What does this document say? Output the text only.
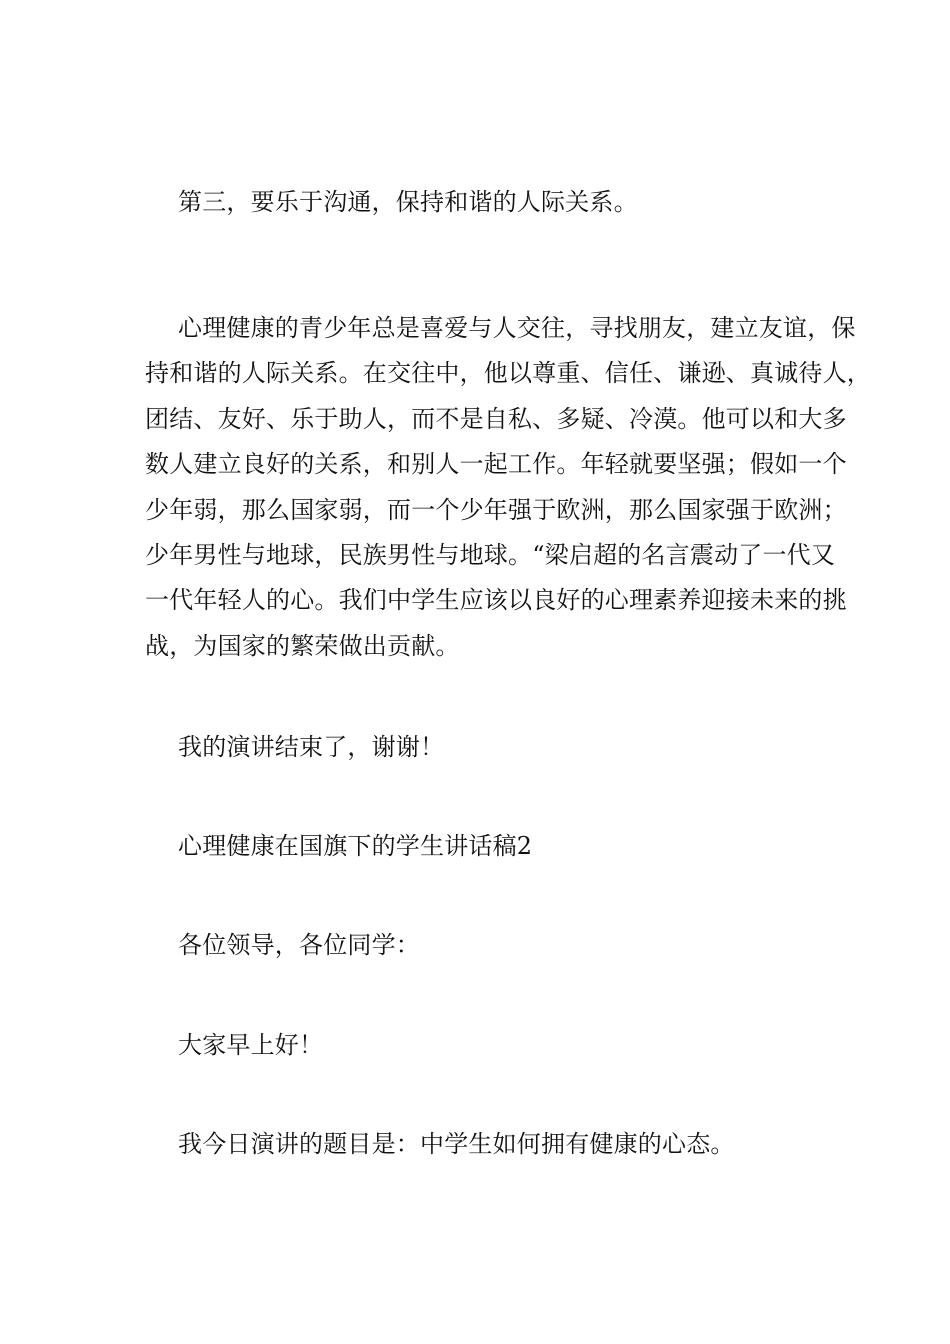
第三，要乐于沟通，保持和谐的人际关系。

心理健康的青少年总是喜爱与人交往，寻找朋友，建立友谊，保
持和谐的人际关系。在交往中，他以尊重、信任、谦逊、真诚待人，
团结、友好、乐于助人，而不是自私、多疑、冷漠。他可以和大多
数人建立良好的关系，和别人一起工作。年轻就要坚强；假如一个
少年弱，那么国家弱，而一个少年强于欧洲，那么国家强于欧洲；
少年男性与地球，民族男性与地球。“梁启超的名言震动了一代又
一代年轻人的心。我们中学生应该以良好的心理素养迎接未来的挑
战，为国家的繁荣做出贡献。

我的演讲结束了，谢谢！

心理健康在国旗下的学生讲话稿2

各位领导，各位同学：

大家早上好！

我今日演讲的题目是：中学生如何拥有健康的心态。
